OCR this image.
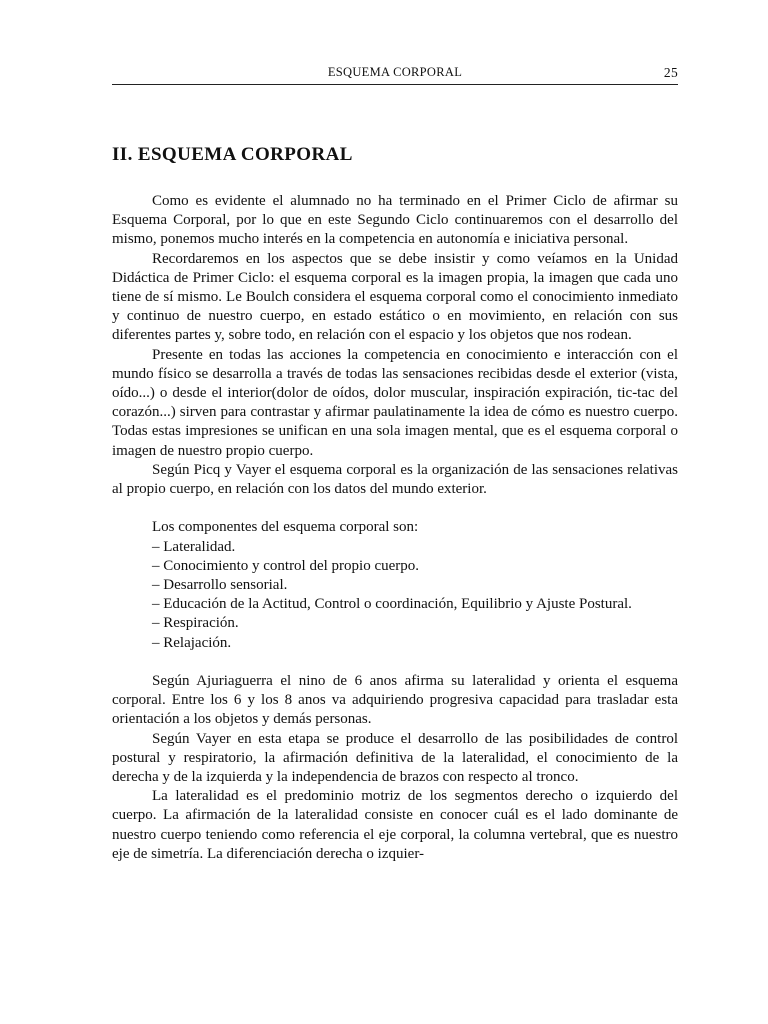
ESQUEMA CORPORAL	25
II. ESQUEMA CORPORAL

Como es evidente el alumnado no ha terminado en el Primer Ciclo de afirmar su Esquema Corporal, por lo que en este Segundo Ciclo continuaremos con el desarrollo del mismo, ponemos mucho interés en la competencia en autonomía e iniciativa personal.

Recordaremos en los aspectos que se debe insistir y como veíamos en la Unidad Didáctica de Primer Ciclo: el esquema corporal es la imagen propia, la imagen que cada uno tiene de sí mismo. Le Boulch considera el esquema corporal como el conocimiento inmediato y continuo de nuestro cuerpo, en estado estático o en movimiento, en relación con sus diferentes partes y, sobre todo, en relación con el espacio y los objetos que nos rodean.

Presente en todas las acciones la competencia en conocimiento e interacción con el mundo físico se desarrolla a través de todas las sensaciones recibidas desde el exterior (vista, oído...) o desde el interior(dolor de oídos, dolor muscular, inspiración expiración, tic-tac del corazón...) sirven para contrastar y afirmar paulatinamente la idea de cómo es nuestro cuerpo. Todas estas impresiones se unifican en una sola imagen mental, que es el esquema corporal o imagen de nuestro propio cuerpo.

Según Picq y Vayer el esquema corporal es la organización de las sensaciones relativas al propio cuerpo, en relación con los datos del mundo exterior.

Los componentes del esquema corporal son:
– Lateralidad.
– Conocimiento y control del propio cuerpo.
– Desarrollo sensorial.
– Educación de la Actitud, Control o coordinación, Equilibrio y Ajuste Postural.
– Respiración.
– Relajación.

Según Ajuriaguerra el nino de 6 anos afirma su lateralidad y orienta el esquema corporal. Entre los 6 y los 8 anos va adquiriendo progresiva capacidad para trasladar esta orientación a los objetos y demás personas.

Según Vayer en esta etapa se produce el desarrollo de las posibilidades de control postural y respiratorio, la afirmación definitiva de la lateralidad, el conocimiento de la derecha y de la izquierda y la independencia de brazos con respecto al tronco.

La lateralidad es el predominio motriz de los segmentos derecho o izquierdo del cuerpo. La afirmación de la lateralidad consiste en conocer cuál es el lado dominante de nuestro cuerpo teniendo como referencia el eje corporal, la columna vertebral, que es nuestro eje de simetría. La diferenciación derecha o izquier-
